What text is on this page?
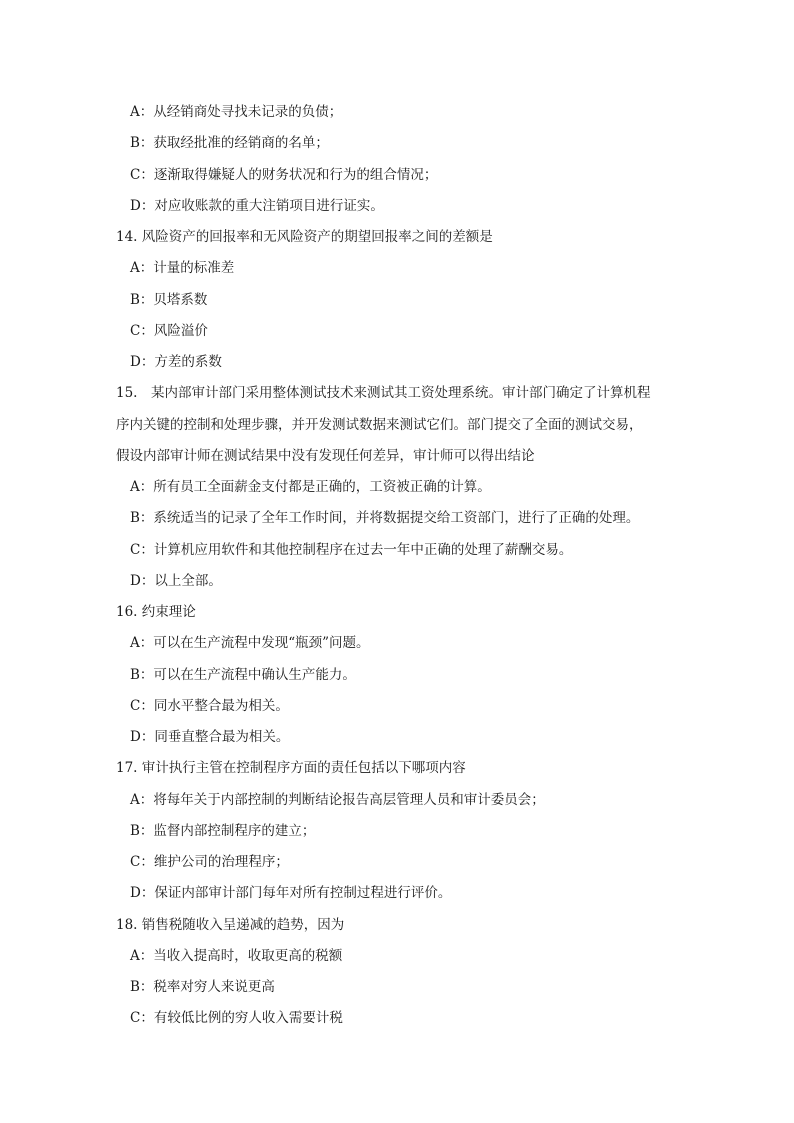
A：从经销商处寻找未记录的负债；
B：获取经批准的经销商的名单；
C：逐渐取得嫌疑人的财务状况和行为的组合情况；
D：对应收账款的重大注销项目进行证实。
14. 风险资产的回报率和无风险资产的期望回报率之间的差额是
A：计量的标准差
B：贝塔系数
C：风险溢价
D：方差的系数
15.　某内部审计部门采用整体测试技术来测试其工资处理系统。审计部门确定了计算机程
序内关键的控制和处理步骤，并开发测试数据来测试它们。部门提交了全面的测试交易，
假设内部审计师在测试结果中没有发现任何差异，审计师可以得出结论
A：所有员工全面薪金支付都是正确的，工资被正确的计算。
B：系统适当的记录了全年工作时间，并将数据提交给工资部门，进行了正确的处理。
C：计算机应用软件和其他控制程序在过去一年中正确的处理了薪酬交易。
D：以上全部。
16. 约束理论
A：可以在生产流程中发现“瓶颈”问题。
B：可以在生产流程中确认生产能力。
C：同水平整合最为相关。
D：同垂直整合最为相关。
17. 审计执行主管在控制程序方面的责任包括以下哪项内容
A：将每年关于内部控制的判断结论报告高层管理人员和审计委员会；
B：监督内部控制程序的建立；
C：维护公司的治理程序；
D：保证内部审计部门每年对所有控制过程进行评价。
18. 销售税随收入呈递减的趋势，因为
A：当收入提高时，收取更高的税额
B：税率对穷人来说更高
C：有较低比例的穷人收入需要计税
